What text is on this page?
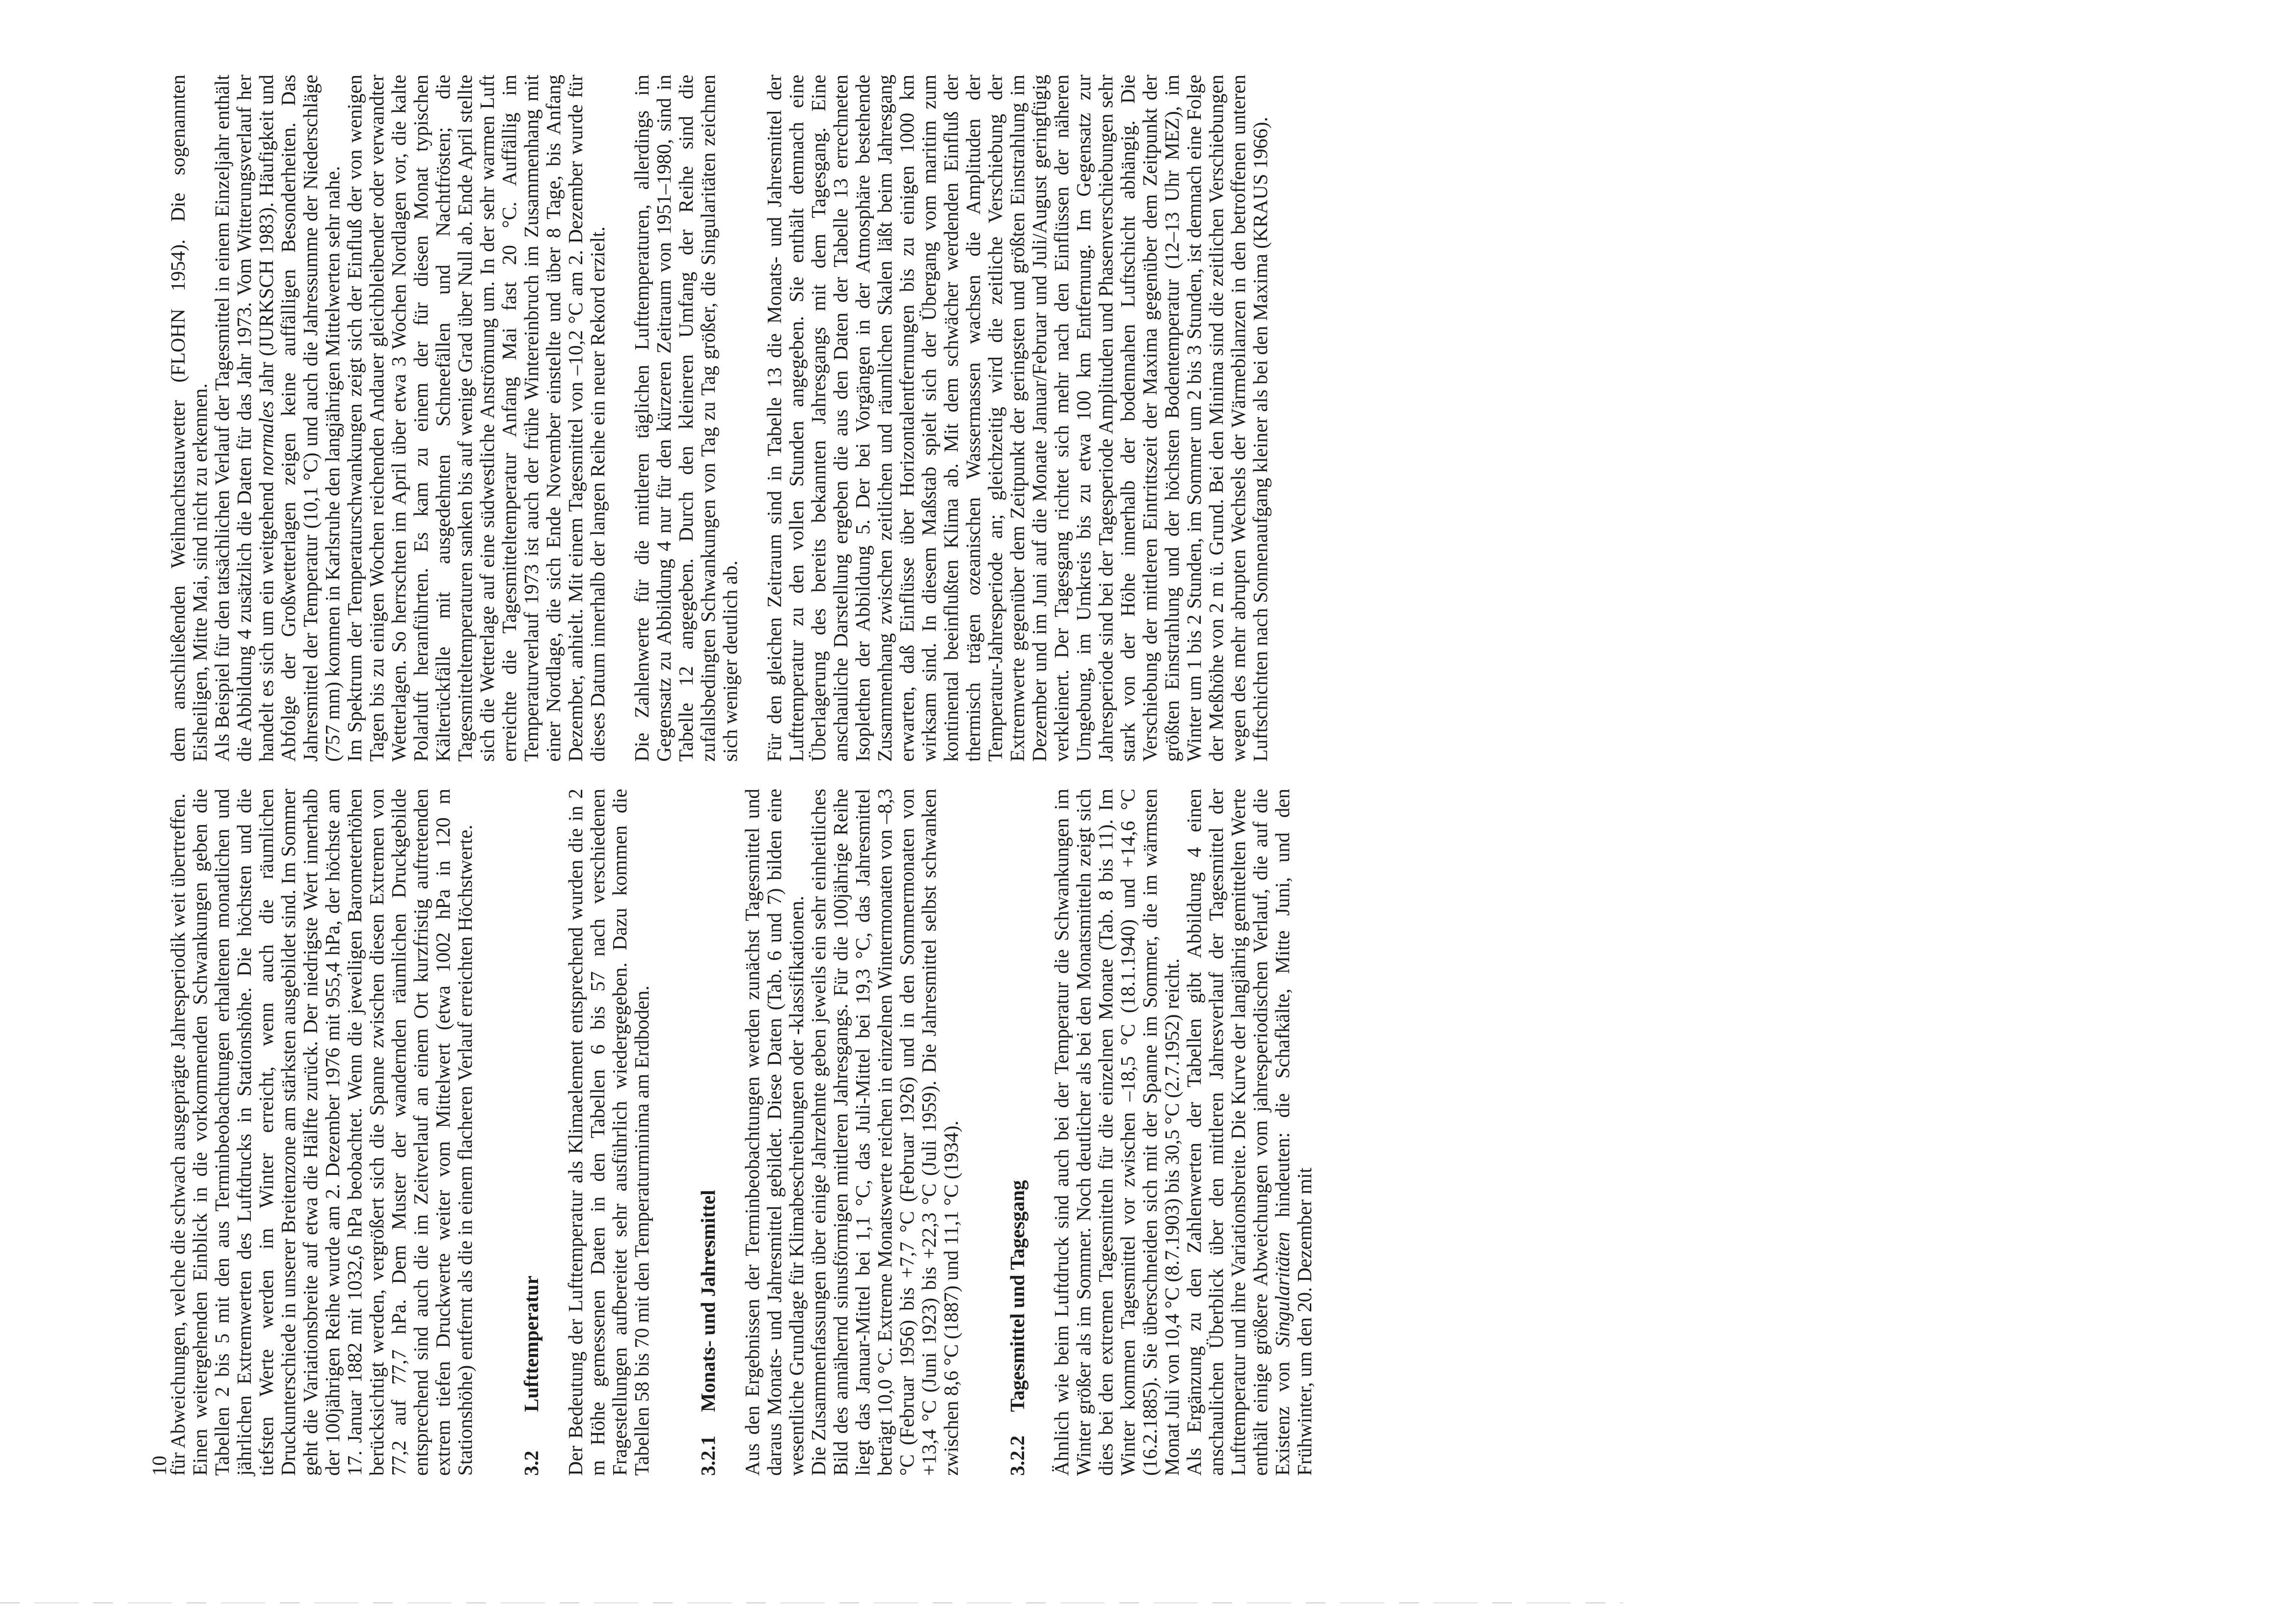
10

für Abweichungen, welche die schwach ausgeprägte Jahresperiodik weit übertreffen. Einen weitergehenden Einblick in die vorkommenden Schwankungen geben die Tabellen 2 bis 5 mit den aus Terminbeobachtungen erhaltenen monatlichen und jährlichen Extremwerten des Luftdrucks in Stationshöhe. Die höchsten und die tiefsten Werte werden im Winter erreicht, wenn auch die räumlichen Druckunterschiede in unserer Breitenzone am stärksten ausgebildet sind. Im Sommer geht die Variationsbreite auf etwa die Hälfte zurück. Der niedrigste Wert innerhalb der 100jährigen Reihe wurde am 2. Dezember 1976 mit 955,4 hPa, der höchste am 17. Januar 1882 mit 1032,6 hPa beobachtet. Wenn die jeweiligen Barometerhöhen berücksichtigt werden, vergrößert sich die Spanne zwischen diesen Extremen von 77,2 auf 77,7 hPa. Dem Muster der wandernden räumlichen Druckgebilde entsprechend sind auch die im Zeitverlauf an einem Ort kurzfristig auftretenden extrem tiefen Druckwerte weiter vom Mittelwert (etwa 1002 hPa in 120 m Stationshöhe) entfernt als die in einem flacheren Verlauf erreichten Höchstwerte. 3.2
Lufttemperatur Der Bedeutung der Lufttemperatur als Klimaelement entsprechend wurden die in 2 m Höhe gemessenen Daten in den Tabellen 6 bis 57 nach verschiedenen Fragestellungen aufbereitet sehr ausführlich wiedergegeben. Dazu kommen die Tabellen 58 bis 70 mit den Temperaturminima am Erdboden. 3.2.1
Monats- und Jahresmittel Aus den Ergebnissen der Terminbeobachtungen werden zunächst Tagesmittel und daraus Monats- und Jahresmittel gebildet. Diese Daten (Tab. 6 und 7) bilden eine wesentliche Grundlage für Klimabeschreibungen oder -klassifikationen. Die Zusammenfassungen über einige Jahrzehnte geben jeweils ein sehr einheitliches Bild des annähernd sinusförmigen mittleren Jahresgangs. Für die 100jährige Reihe liegt das Januar-Mittel bei 1,1 °C, das Juli-Mittel bei 19,3 °C, das Jahresmittel beträgt 10,0 °C. Extreme Monatswerte reichen in einzelnen Wintermonaten von –8,3 °C (Februar 1956) bis +7,7 °C (Februar 1926) und in den Sommermonaten von +13,4 °C (Juni 1923) bis +22,3 °C (Juli 1959). Die Jahresmittel selbst schwanken zwischen 8,6 °C (1887) und 11,1 °C (1934). 3.2.2
Tagesmittel und Tagesgang Ähnlich wie beim Luftdruck sind auch bei der Temperatur die Schwankungen im Winter größer als im Sommer. Noch deutlicher als bei den Monatsmitteln zeigt sich dies bei den extremen Tagesmitteln für die einzelnen Monate (Tab. 8 bis 11). Im Winter kommen Tagesmittel vor zwischen –18,5 °C (18.1.1940) und +14,6 °C (16.2.1885). Sie überschneiden sich mit der Spanne im Sommer, die im wärmsten Monat Juli von 10,4 °C (8.7.1903) bis 30,5 °C (2.7.1952) reicht. Als Ergänzung zu den Zahlenwerten der Tabellen gibt Abbildung 4 einen anschaulichen Überblick über den mittleren Jahresverlauf der Tagesmittel der Lufttemperatur und ihre Variationsbreite. Die Kurve der langjährig gemittelten Werte enthält einige größere Abweichungen vom jahresperiodischen Verlauf, die auf die Existenz von Singularitäten hindeuten: die Schafkälte, Mitte Juni, und den Frühwinter, um den 20. Dezember mit

dem anschließenden Weihnachtstauwetter (FLOHN 1954). Die sogenannten Eisheiligen, Mitte Mai, sind nicht zu erkennen. Als Beispiel für den tatsächlichen Verlauf der Tagesmittel in einem Einzeljahr enthält die Abbildung 4 zusätzlich die Daten für das Jahr 1973. Vom Witterungsverlauf her handelt es sich um ein weitgehend normales Jahr (JURKSCH 1983). Häufigkeit und Abfolge der Großwetterlagen zeigen keine auffälligen Besonderheiten. Das Jahresmittel der Temperatur (10,1 °C) und auch die Jahressumme der Niederschläge (757 mm) kommen in Karlsruhe den langjährigen Mittelwerten sehr nahe. Im Spektrum der Temperaturschwankungen zeigt sich der Einfluß der von wenigen Tagen bis zu einigen Wochen reichenden Andauer gleichbleibender oder verwandter Wetterlagen. So herrschten im April über etwa 3 Wochen Nordlagen vor, die kalte Polarluft heranführten. Es kam zu einem der für diesen Monat typischen Kälterückfälle mit ausgedehnten Schneefällen und Nachtfrösten; die Tagesmitteltemperaturen sanken bis auf wenige Grad über Null ab. Ende April stellte sich die Wetterlage auf eine südwestliche Anströmung um. In der sehr warmen Luft erreichte die Tagesmitteltemperatur Anfang Mai fast 20 °C. Auffällig im Temperaturverlauf 1973 ist auch der frühe Wintereinbruch im Zusammenhang mit einer Nordlage, die sich Ende November einstellte und über 8 Tage, bis Anfang Dezember, anhielt. Mit einem Tagesmittel von –10,2 °C am 2. Dezember wurde für dieses Datum innerhalb der langen Reihe ein neuer Rekord erzielt. Die Zahlenwerte für die mittleren täglichen Lufttemperaturen, allerdings im Gegensatz zu Abbildung 4 nur für den kürzeren Zeitraum von 1951–1980, sind in Tabelle 12 angegeben. Durch den kleineren Umfang der Reihe sind die zufallsbedingten Schwankungen von Tag zu Tag größer, die Singularitäten zeichnen sich weniger deutlich ab. Für den gleichen Zeitraum sind in Tabelle 13 die Monats- und Jahresmittel der Lufttemperatur zu den vollen Stunden angegeben. Sie enthält demnach eine Überlagerung des bereits bekannten Jahresgangs mit dem Tagesgang. Eine anschauliche Darstellung ergeben die aus den Daten der Tabelle 13 errechneten Isoplethen der Abbildung 5. Der bei Vorgängen in der Atmosphäre bestehende Zusammenhang zwischen zeitlichen und räumlichen Skalen läßt beim Jahresgang erwarten, daß Einflüsse über Horizontalentfernungen bis zu einigen 1000 km wirksam sind. In diesem Maßstab spielt sich der Übergang vom maritim zum kontinental beeinflußten Klima ab. Mit dem schwächer werdenden Einfluß der thermisch trägen ozeanischen Wassermassen wachsen die Amplituden der Temperatur-Jahresperiode an; gleichzeitig wird die zeitliche Verschiebung der Extremwerte gegenüber dem Zeitpunkt der geringsten und größten Einstrahlung im Dezember und im Juni auf die Monate Januar/Februar und Juli/August geringfügig verkleinert. Der Tagesgang richtet sich mehr nach den Einflüssen der näheren Umgebung, im Umkreis bis zu etwa 100 km Entfernung. Im Gegensatz zur Jahresperiode sind bei der Tagesperiode Amplituden und Phasenverschiebungen sehr stark von der Höhe innerhalb der bodennahen Luftschicht abhängig. Die Verschiebung der mittleren Eintrittszeit der Maxima gegenüber dem Zeitpunkt der größten Einstrahlung und der höchsten Bodentemperatur (12–13 Uhr MEZ), im Winter um 1 bis 2 Stunden, im Sommer um 2 bis 3 Stunden, ist demnach eine Folge der Meßhöhe von 2 m ü. Grund. Bei den Minima sind die zeitlichen Verschiebungen wegen des mehr abrupten Wechsels der Wärmebilanzen in den betroffenen unteren Luftschichten nach Sonnenaufgang kleiner als bei den Maxima (KRAUS 1966).
